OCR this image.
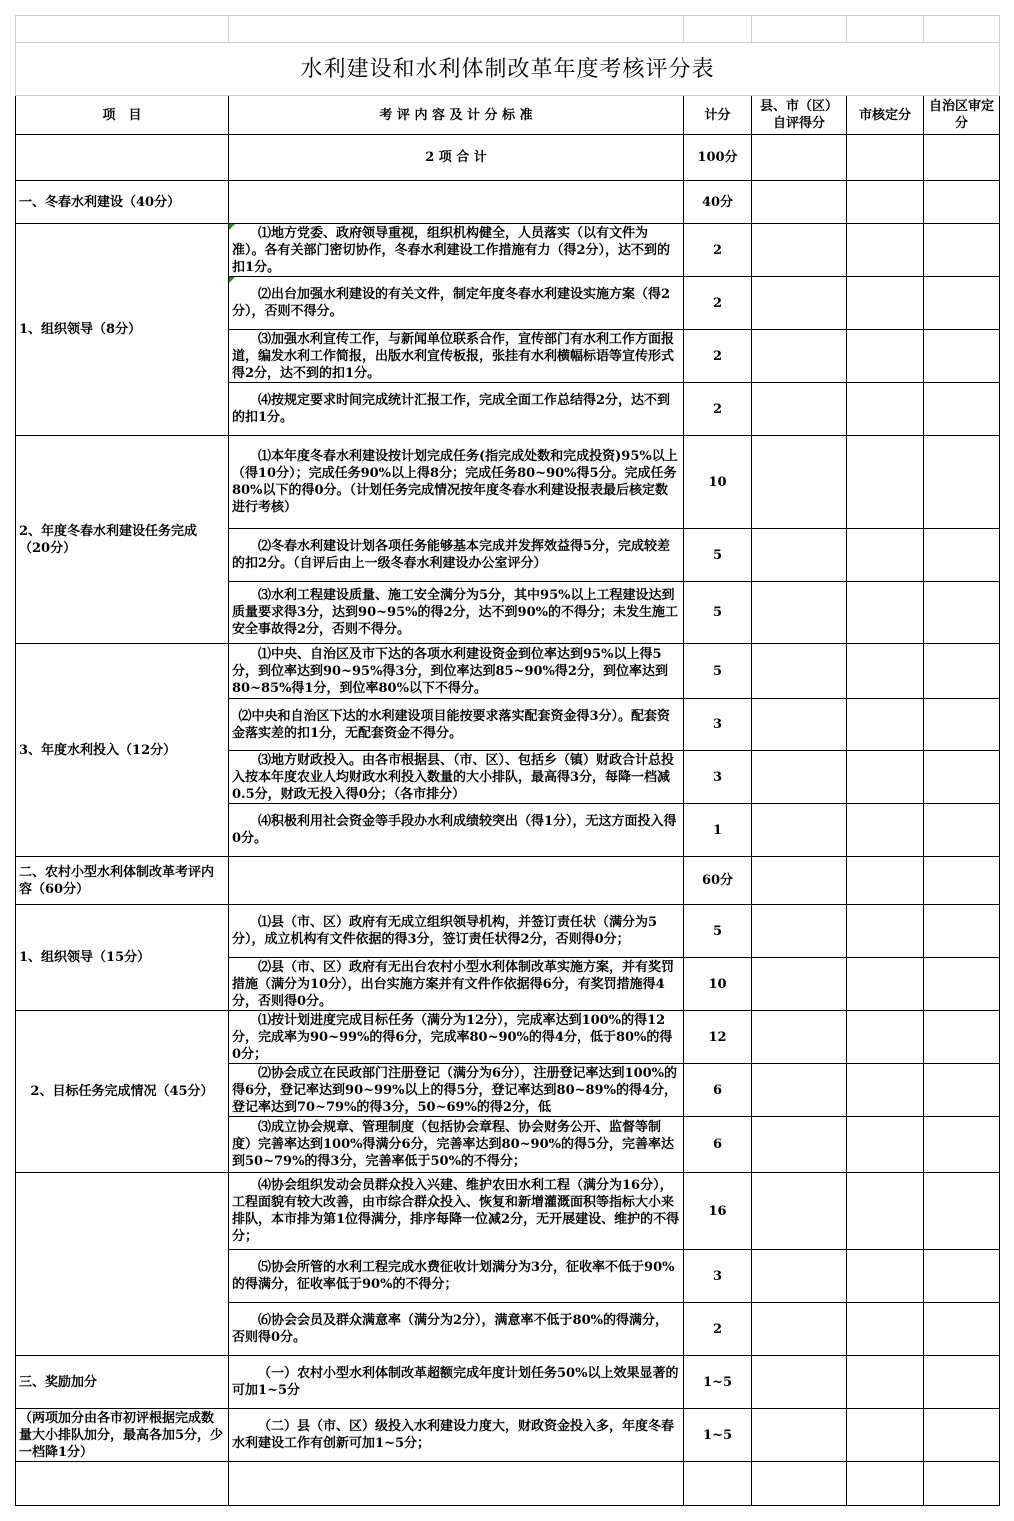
水利建设和水利体制改革年度考核评分表					
项　目	考 评 内 容 及 计 分 标 准	计分	县、市（区）自评得分	市核定分	自治区审定分
	2 项 合 计	100分			
一、冬春水利建设（40分）		40分			
1、组织领导（8分）	⑴地方党委、政府领导重视，组织机构健全，人员落实（以有文件为准）。各有关部门密切协作，冬春水利建设工作措施有力（得2分），达不到的扣1分。	2			
	⑵出台加强水利建设的有关文件，制定年度冬春水利建设实施方案（得2分），否则不得分。	2			
	⑶加强水利宣传工作，与新闻单位联系合作，宣传部门有水利工作方面报道，编发水利工作简报，出版水利宣传板报，张挂有水利横幅标语等宣传形式得2分，达不到的扣1分。	2			
	⑷按规定要求时间完成统计汇报工作，完成全面工作总结得2分，达不到的扣1分。	2			
2、年度冬春水利建设任务完成（20分）	⑴本年度冬春水利建设按计划完成任务(指完成处数和完成投资)95%以上（得10分）；完成任务90%以上得8分；完成任务80~90%得5分。完成任务80%以下的得0分。（计划任务完成情况按年度冬春水利建设报表最后核定数进行考核）	10			
	⑵冬春水利建设计划各项任务能够基本完成并发挥效益得5分，完成较差的扣2分。（自评后由上一级冬春水利建设办公室评分）	5			
	⑶水利工程建设质量、施工安全满分为5分，其中95%以上工程建设达到质量要求得3分，达到90~95%的得2分，达不到90%的不得分；未发生施工安全事故得2分，否则不得分。	5			
3、年度水利投入（12分）	⑴中央、自治区及市下达的各项水利建设资金到位率达到95%以上得5分，到位率达到90~95%得3分，到位率达到85~90%得2分，到位率达到80~85%得1分，到位率80%以下不得分。	5			
	⑵中央和自治区下达的水利建设项目能按要求落实配套资金得3分）。配套资金落实差的扣1分，无配套资金不得分。	3			
	⑶地方财政投入。由各市根据县、（市、区）、包括乡（镇）财政合计总投入按本年度农业人均财政水利投入数量的大小排队，最高得3分，每降一档减0.5分，财政无投入得0分；（各市排分）	3			
	⑷积极利用社会资金等手段办水利成绩较突出（得1分），无这方面投入得0分。	1			
二、农村小型水利体制改革考评内容（60分）		60分			
1、组织领导（15分）	⑴县（市、区）政府有无成立组织领导机构，并签订责任状（满分为5分），成立机构有文件依据的得3分，签订责任状得2分，否则得0分；	5			
	⑵县（市、区）政府有无出台农村小型水利体制改革实施方案，并有奖罚措施（满分为10分），出台实施方案并有文件作依据得6分，有奖罚措施得4分，否则得0分。	10			
2、目标任务完成情况（45分）	⑴按计划进度完成目标任务（满分为12分），完成率达到100%的得12分，完成率为90~99%的得6分，完成率80~90%的得4分，低于80%的得0分；	12			
	⑵协会成立在民政部门注册登记（满分为6分），注册登记率达到100%的得6分，登记率达到90~99%以上的得5分，登记率达到80~89%的得4分，登记率达到70~79%的得3分，50~69%的得2分，低	6			
	⑶成立协会规章、管理制度（包括协会章程、协会财务公开、监督等制度）完善率达到100%得满分6分，完善率达到80~90%的得5分，完善率达到50~79%的得3分，完善率低于50%的不得分；	6			
	⑷协会组织发动会员群众投入兴建、维护农田水利工程（满分为16分），工程面貌有较大改善，由市综合群众投入、恢复和新增灌溉面积等指标大小来排队，本市排为第1位得满分，排序每降一位减2分，无开展建设、维护的不得分；	16			
	⑸协会所管的水利工程完成水费征收计划满分为3分，征收率不低于90%的得满分，征收率低于90%的不得分；	3			
	⑹协会会员及群众满意率（满分为2分），满意率不低于80%的得满分，否则得0分。	2			
三、奖励加分	（一）农村小型水利体制改革超额完成年度计划任务50%以上效果显著的可加1~5分	1~5			
（两项加分由各市初评根据完成数量大小排队加分，最高各加5分，少一档降1分）	（二）县（市、区）级投入水利建设力度大，财政资金投入多，年度冬春水利建设工作有创新可加1~5分；	1~5			
